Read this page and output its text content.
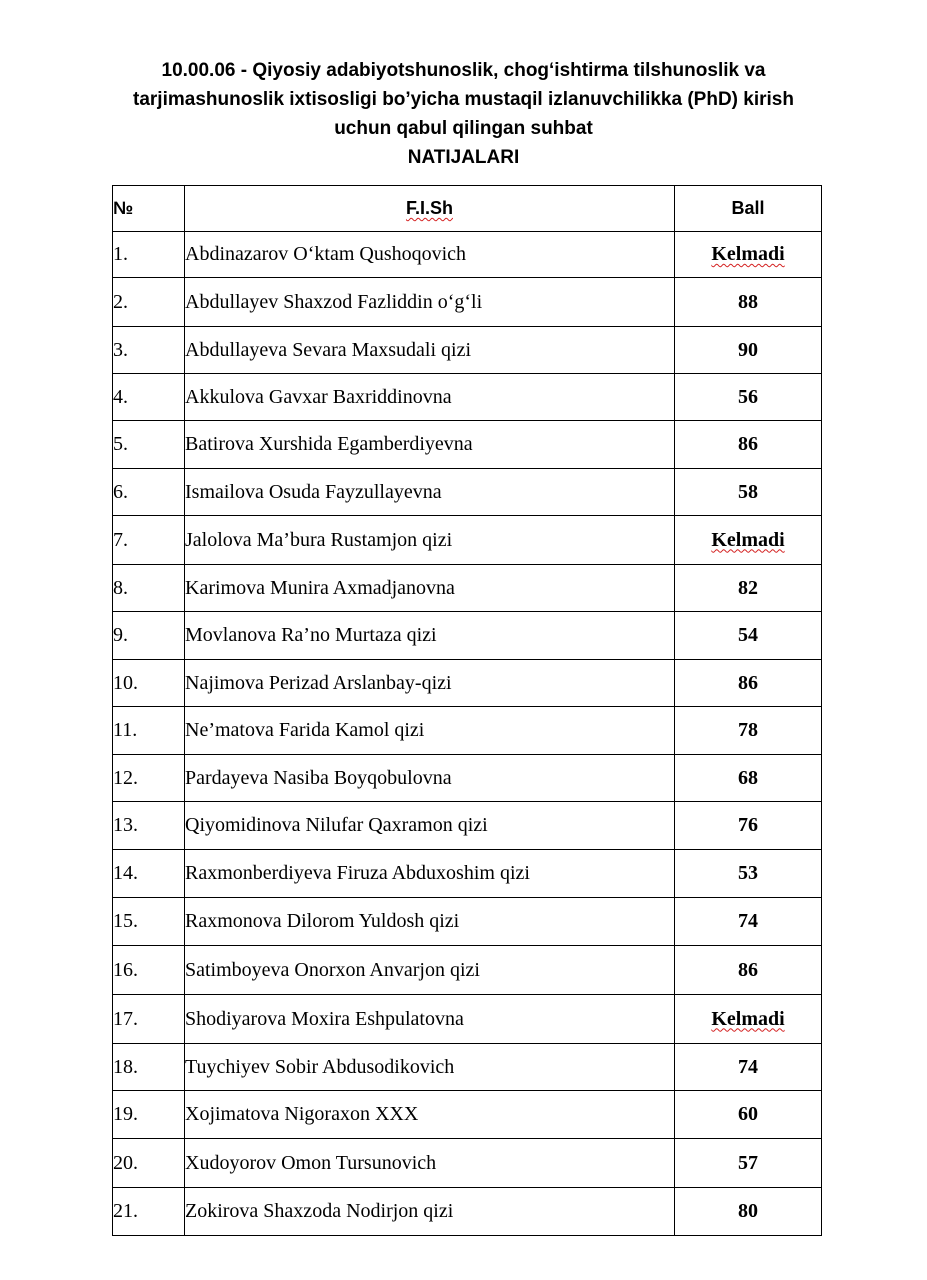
10.00.06 - Qiyosiy adabiyotshunoslik, chog‘ishtirma tilshunoslik va
tarjimashunoslik ixtisosligi bo’yicha mustaqil izlanuvchilikka (PhD) kirish
uchun qabul qilingan suhbat
NATIJALARI
№	F.I.Sh	Ball
1.	Abdinazarov O‘ktam Qushoqovich	Kelmadi
2.	Abdullayev Shaxzod Fazliddin o‘g‘li	88
3.	Abdullayeva Sevara Maxsudali qizi	90
4.	Akkulova Gavxar Baxriddinovna	56
5.	Batirova Xurshida Egamberdiyevna	86
6.	Ismailova Osuda Fayzullayevna	58
7.	Jalolova Ma’bura Rustamjon qizi	Kelmadi
8.	Karimova Munira Axmadjanovna	82
9.	Movlanova Ra’no Murtaza qizi	54
10.	Najimova Perizad Arslanbay-qizi	86
11.	Ne’matova Farida Kamol qizi	78
12.	Pardayeva Nasiba Boyqobulovna	68
13.	Qiyomidinova Nilufar Qaxramon qizi	76
14.	Raxmonberdiyeva Firuza Abduxoshim qizi	53
15.	Raxmonova Dilorom Yuldosh qizi	74
16.	Satimboyeva Onorxon Anvarjon qizi	86
17.	Shodiyarova Moxira Eshpulatovna	Kelmadi
18.	Tuychiyev Sobir Abdusodikovich	74
19.	Xojimatova Nigoraxon XXX	60
20.	Xudoyorov Omon Tursunovich	57
21.	Zokirova Shaxzoda Nodirjon qizi	80
